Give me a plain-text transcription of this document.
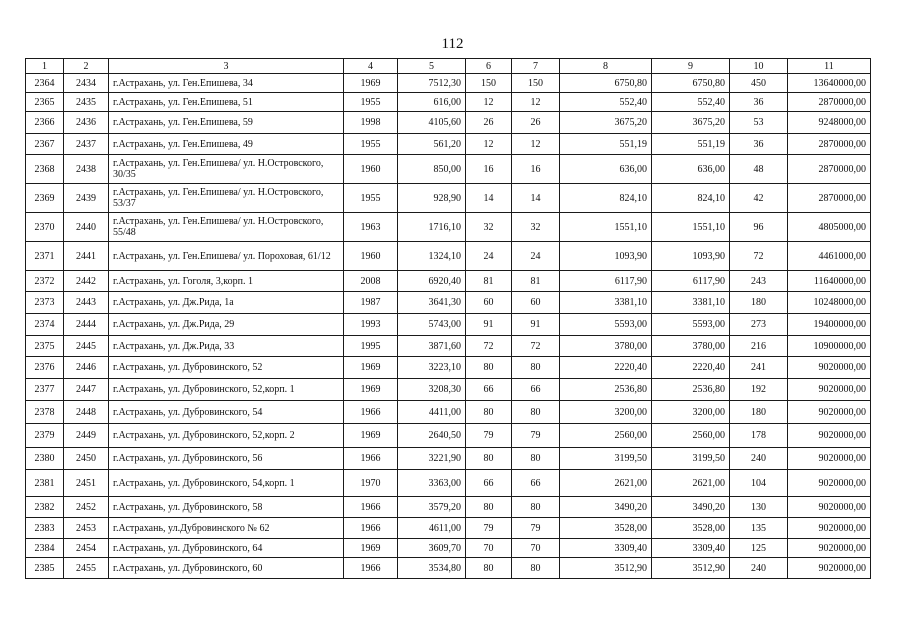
112
1	2	3	4	5	6	7	8	9	10	11
2364	2434	г.Астрахань, ул. Ген.Епишева, 34	1969	7512,30	150	150	6750,80	6750,80	450	13640000,00
2365	2435	г.Астрахань, ул. Ген.Епишева, 51	1955	616,00	12	12	552,40	552,40	36	2870000,00
2366	2436	г.Астрахань, ул. Ген.Епишева, 59	1998	4105,60	26	26	3675,20	3675,20	53	9248000,00
2367	2437	г.Астрахань, ул. Ген.Епишева, 49	1955	561,20	12	12	551,19	551,19	36	2870000,00
2368	2438	г.Астрахань, ул. Ген.Епишева/ ул. Н.Островского, 30/35	1960	850,00	16	16	636,00	636,00	48	2870000,00
2369	2439	г.Астрахань, ул. Ген.Епишева/ ул. Н.Островского, 53/37	1955	928,90	14	14	824,10	824,10	42	2870000,00
2370	2440	г.Астрахань, ул. Ген.Епишева/ ул. Н.Островского, 55/48	1963	1716,10	32	32	1551,10	1551,10	96	4805000,00
2371	2441	г.Астрахань, ул. Ген.Епишева/ ул. Пороховая, 61/12	1960	1324,10	24	24	1093,90	1093,90	72	4461000,00
2372	2442	г.Астрахань, ул. Гоголя, 3,корп. 1	2008	6920,40	81	81	6117,90	6117,90	243	11640000,00
2373	2443	г.Астрахань, ул. Дж.Рида, 1а	1987	3641,30	60	60	3381,10	3381,10	180	10248000,00
2374	2444	г.Астрахань, ул. Дж.Рида, 29	1993	5743,00	91	91	5593,00	5593,00	273	19400000,00
2375	2445	г.Астрахань, ул. Дж.Рида, 33	1995	3871,60	72	72	3780,00	3780,00	216	10900000,00
2376	2446	г.Астрахань, ул. Дубровинского, 52	1969	3223,10	80	80	2220,40	2220,40	241	9020000,00
2377	2447	г.Астрахань, ул. Дубровинского, 52,корп. 1	1969	3208,30	66	66	2536,80	2536,80	192	9020000,00
2378	2448	г.Астрахань, ул. Дубровинского, 54	1966	4411,00	80	80	3200,00	3200,00	180	9020000,00
2379	2449	г.Астрахань, ул. Дубровинского, 52,корп. 2	1969	2640,50	79	79	2560,00	2560,00	178	9020000,00
2380	2450	г.Астрахань, ул. Дубровинского, 56	1966	3221,90	80	80	3199,50	3199,50	240	9020000,00
2381	2451	г.Астрахань, ул. Дубровинского, 54,корп. 1	1970	3363,00	66	66	2621,00	2621,00	104	9020000,00
2382	2452	г.Астрахань, ул. Дубровинского, 58	1966	3579,20	80	80	3490,20	3490,20	130	9020000,00
2383	2453	г.Астрахань, ул.Дубровинского № 62	1966	4611,00	79	79	3528,00	3528,00	135	9020000,00
2384	2454	г.Астрахань, ул. Дубровинского, 64	1969	3609,70	70	70	3309,40	3309,40	125	9020000,00
2385	2455	г.Астрахань, ул. Дубровинского, 60	1966	3534,80	80	80	3512,90	3512,90	240	9020000,00
